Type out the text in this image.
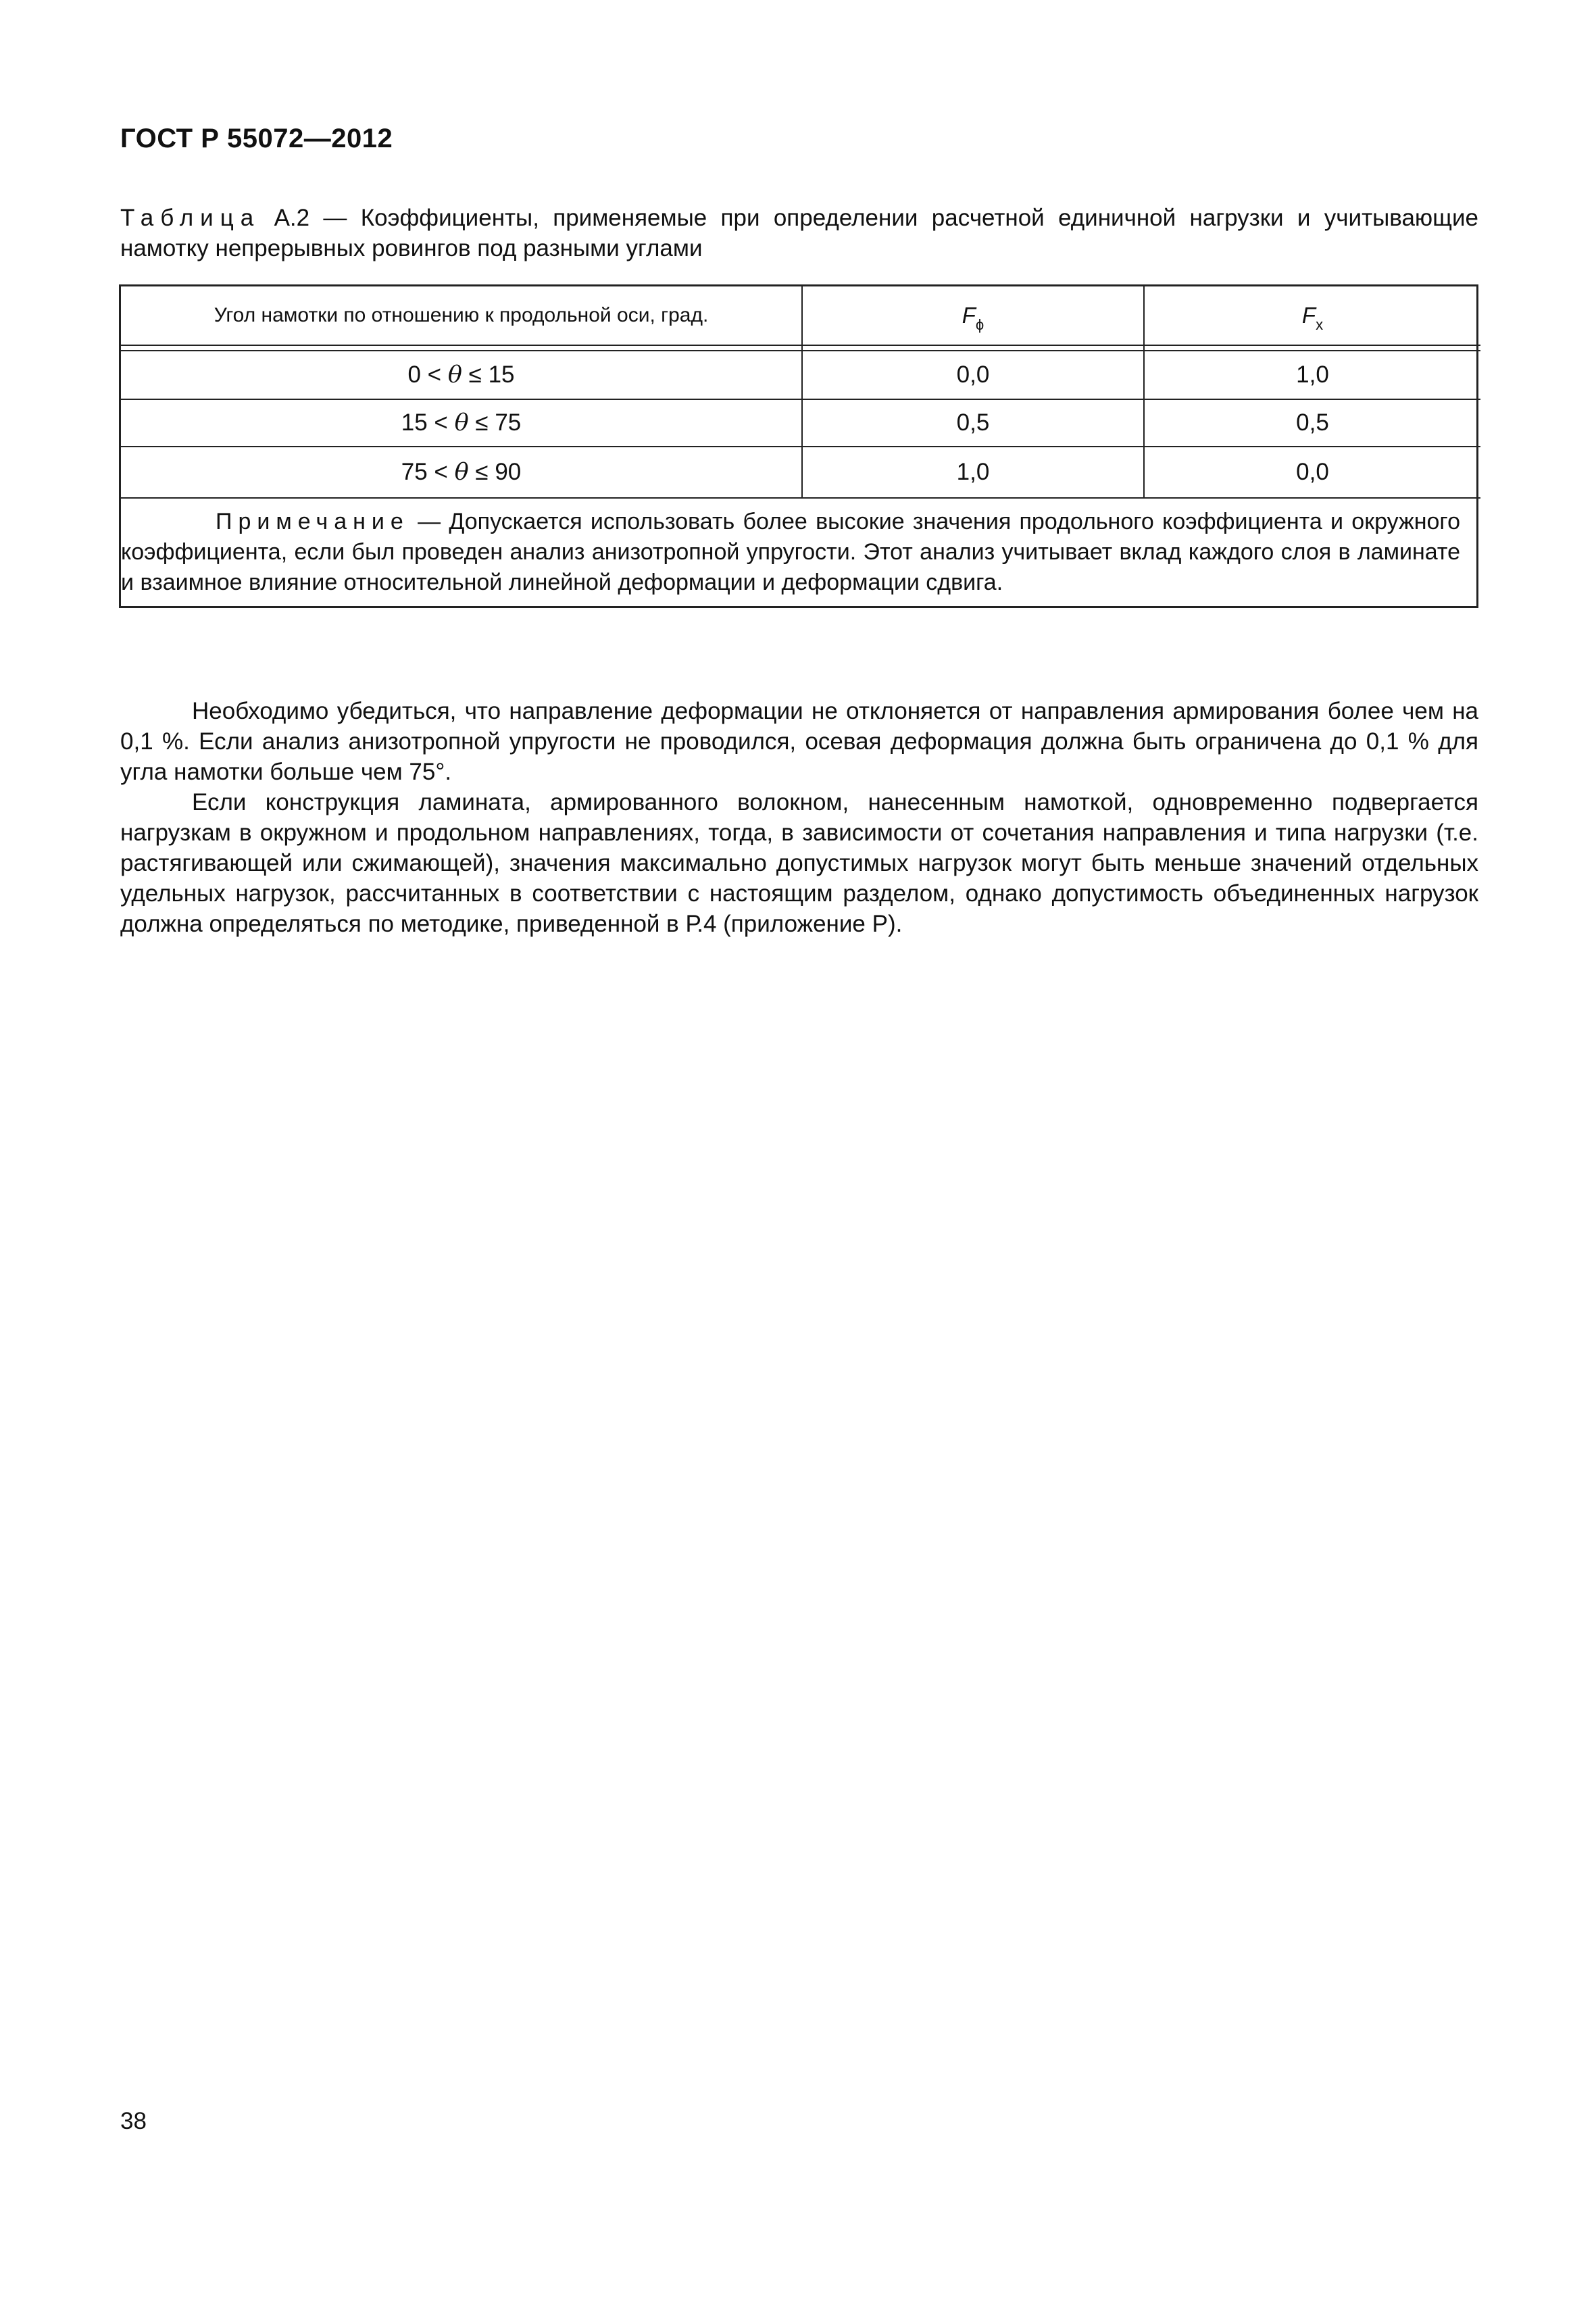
ГОСТ Р 55072—2012
Таблица А.2 — Коэффициенты, применяемые при определении расчетной единичной нагрузки и учитывающие намотку непрерывных ровингов под разными углами
Угол намотки по отношению к продольной оси, град.	$F_\phi$	$F_x$

0 < θ ≤ 15	0,0	1,0
15 < θ ≤ 75	0,5	0,5
75 < θ ≤ 90	1,0	0,0
Примечание — Допускается использовать более высокие значения продольного коэффициента и окружного коэффициента, если был проведен анализ анизотропной упругости. Этот анализ учитывает вклад каждого слоя в ламинате и взаимное влияние относительной линейной деформации и деформации сдвига.		

Необходимо убедиться, что направление деформации не отклоняется от направления армирования более чем на 0,1 %. Если анализ анизотропной упругости не проводился, осевая деформация должна быть ограничена до 0,1 % для угла намотки больше чем 75°.

Если конструкция ламината, армированного волокном, нанесенным намоткой, одновременно подвергается нагрузкам в окружном и продольном направлениях, тогда, в зависимости от сочетания направления и типа нагрузки (т.е. растягивающей или сжимающей), значения максимально допустимых нагрузок могут быть меньше значений отдельных удельных нагрузок, рассчитанных в соответствии с настоящим разделом, однако допустимость объединенных нагрузок должна определяться по методике, приведенной в Р.4 (приложение Р).

38
